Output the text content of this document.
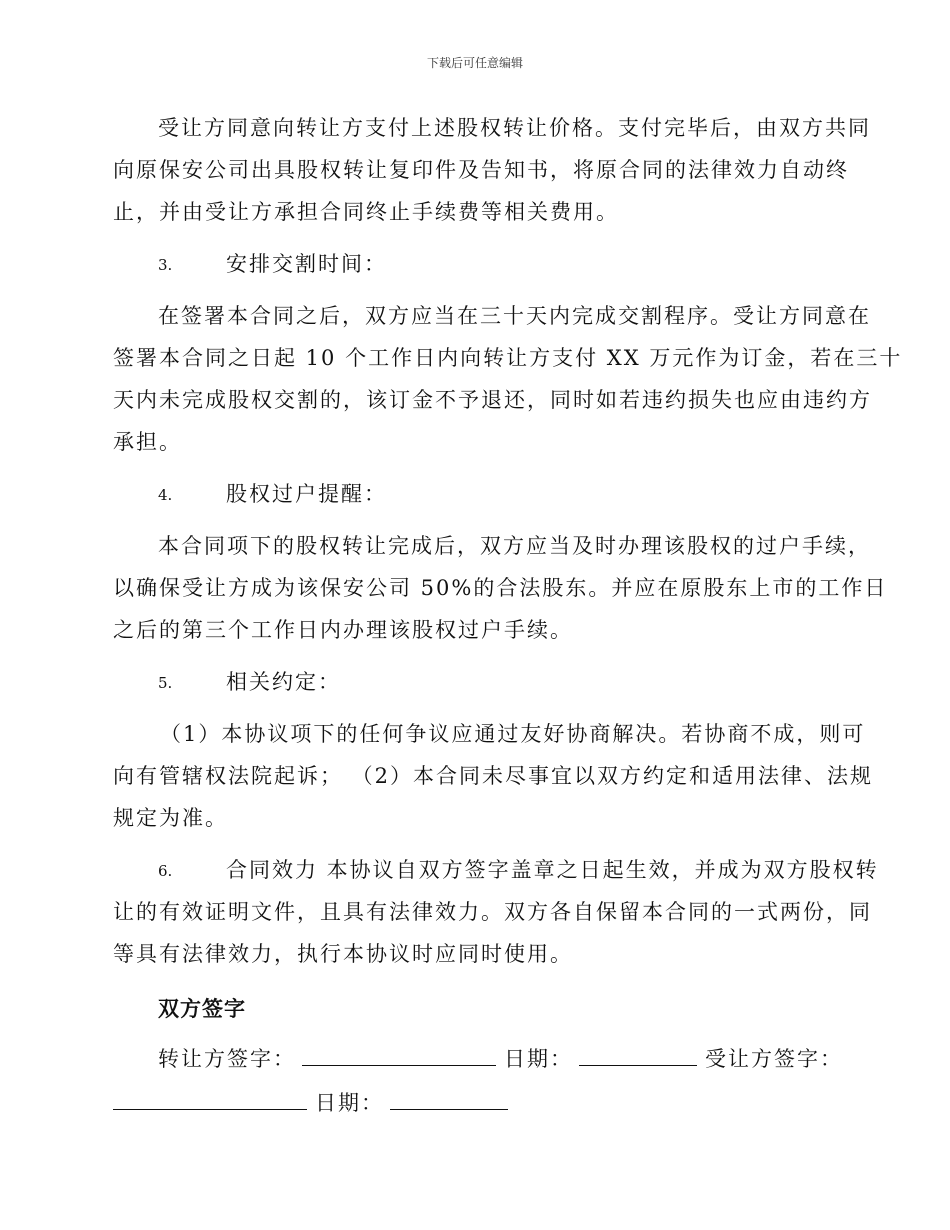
下载后可任意编辑
受让方同意向转让方支付上述股权转让价格。支付完毕后，由双方共同
向原保安公司出具股权转让复印件及告知书，将原合同的法律效力自动终
止，并由受让方承担合同终止手续费等相关费用。
3.	安排交割时间：
在签署本合同之后，双方应当在三十天内完成交割程序。受让方同意在
签署本合同之日起 10 个工作日内向转让方支付 XX 万元作为订金，若在三十
天内未完成股权交割的，该订金不予退还，同时如若违约损失也应由违约方
承担。
4.	股权过户提醒：
本合同项下的股权转让完成后，双方应当及时办理该股权的过户手续，
以确保受让方成为该保安公司 50%的合法股东。并应在原股东上市的工作日
之后的第三个工作日内办理该股权过户手续。
5.	相关约定：
（1）本协议项下的任何争议应通过友好协商解决。若协商不成，则可
向有管辖权法院起诉； （2）本合同未尽事宜以双方约定和适用法律、法规
规定为准。
6.	合同效力 本协议自双方签字盖章之日起生效，并成为双方股权转
让的有效证明文件，且具有法律效力。双方各自保留本合同的一式两份，同
等具有法律效力，执行本协议时应同时使用。
双方签字
转让方签字：	日期：	受让方签字：
日期：
